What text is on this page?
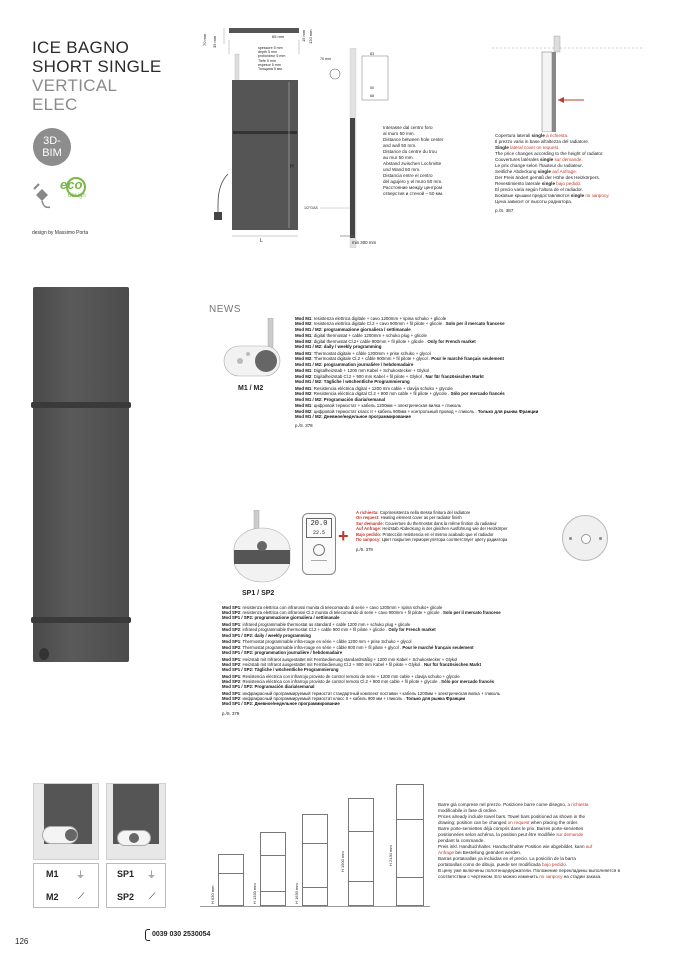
ICE BAGNO
SHORT SINGLE
VERTICAL
ELEC
3D-
BIM
eco
design
design by Massimo Porta
70 mm 35 mm	65 mm	15 mm 120 mm
spessore 5 mm
depth 5 mm
profondeur 5 mm
Tiefe 5 mm
espesor 5 mm
Толщина 5 мм
H
L
70 mm
83
50
68
1/2"GAS
min 300 mm
Interasse dal centro foro
al muro 50 mm.
Distance between hole center
and wall 50 mm.
Distance du centre du trou
au mur 50 mm.
Abstand zwischen Lochmitte
und Wand 50 mm.
Distancia entre el centro
del agujero y el muro 50 mm.
Расстояние между центром
отверстия и стеной – 50 мм.
Copertura laterali single a richiesta.
Il prezzo varia in base all'altezza del radiatore.
Single lateral cover on request.
The price changes according to the height of radiator.
Couvertures latérales single sur demande.
Le prix change selon l'hauteur du radiateur.
Seitliche Abdeckung single auf Anfrage.
Der Preis ändert gemäß der Höhe des Heizkörpers.
Revestimiento laterale single bajo pedido.
El precio varia según l'altura de el radiador.
Боковые крышки предоставляются single по запросу.
Цена зависит от высоты радиатора.
p./S. 387
NEWS
M1 / M2

Mod M1: resistenza elettrica digitale + cavo 1200mm + spina schuko + glicole

Mod M2: resistenza elettrica digitale Cl.2 + cavo 900mm + fil pilote + glicole . Solo per il mercato francese

Mod M1 / M2: programmazione giornaliera / settimanale

Mod M1: digital thermostat + cable 1200mm + schuko plug + glicole

Mod M2: digital thermostat Cl.2+ cable 900mm + fil pilote + glicole . Only for French market

Mod M1 / M2: daily / weekly programming

Mod M1: Thermostat digitale + câble 1200mm + prise schuko + glycol

Mod M2: Thermostat digitale Cl.2 + câble 900mm + fil pilote + glycol . Pour le marché français seulement

Mod M1 / M2: programmation journalière / hebdomadaire

Mod M1: Digitalheizstab + 1200 mm Kabel + Schukostecker + Glykol

Mod M2: Digitalheizstab Cl.2 + 900 mm Kabel + fil pilote + Glykol . Nur für französischen Markt

Mod M1 / M2: Tägliche / wöchentliche Programmierung

Mod M1: Resistencia eléctrica digital + 1200 mm cable + clavija schuko + glycole

Mod M2: Resistencia eléctrica digital Cl.2 + 900 mm cable + fil pilote + glycole . Sólo por mercado francés

Mod M1 / M2: Programación diaria/semanal

Mod M1: цифровой термостат + кабель 1200мм + электрическая вилка + гликоль

Mod M2: цифровой термостат класс II + кабель 900мм + контрольный провод + гликоль . Только для рынка Франции

Mod M1 / M2: Дневное/недельное программирование

p./S. 378
20.0
22.5
SP1 / SP2
+
A richiesta: Copriresistenza nella stessa finitura del radiatore
On request: Heating element cover as per radiator finish
Sur demande: Couverture du thermostat dans la même finition du radiateur
Auf Anfrage: Heizstab Abdeckung in der gleichen Ausführung wie der Heizkörper
Bajo pedido: Protección resistencia en el mismo acabado que el radiador
По запросу: Цвет покрытия терморегулятора соответствует цвету радиатора
p./S. 379

Mod SP1: resistenza elettrica con infrarossi munita di telecomando di serie + cavo 1200mm + spina schuko+ glicole

Mod SP2: resistenza elettrica con infrarossi Cl.2 munita di telecomando di serie + cavo 900mm + fil pilote + glicole . Solo per il mercato francese

Mod SP1 / SP2: programmazione giornaliera / settimanale

Mod SP1: infrared programmable thermostat as standard + cable 1200 mm + schuko plug + glicole

Mod SP2: infrared programmable thermostat Cl.2 + cable 900 mm + fil pilote + glicole . Only for French market

Mod SP1 / SP2: daily / weekly programming

Mod SP1: Thermostat programmable infra-rouge en série + câble 1200 mm + prise Schuko + glycol

Mod SP2: Thermostat programmable infra-rouge en série + câble 900 mm + fil pilote + glycol . Pour le marché français seulement

Mod SP1 / SP2: programmation journalière / hebdomadaire

Mod SP1: Heizstab mit Infrarot ausgestattet mit Fernbedienung standardmäßig + 1200 mm Kabel + Schukostecker + Glykol

Mod SP2: Heizstab mit Infrarot ausgestattet mit Fernbedienung Cl.2 + 900 mm Kabel + fil pilote + Glykol . Nur für französischen Markt

Mod SP1 / SP2: Tägliche / wöchentliche Programmierung

Mod SP1: Resistencia eléctrica con infrarrojo provisto de control remoto de serie + 1200 mm cable + clavija schuko + glycole

Mod SP2: Resistencia eléctrica con infrarrojo provisto de control remoto Cl.2 + 900 mm cable + fil pilote + glycole . Sólo por mercado francés

Mod SP1 / SP2: Programación diaria/semanal

Mod SP1: инфракрасный программируемый термостат стандартный комплект поставки + кабель 1200мм + электрическая вилка + гликоль

Mod SP2: инфракрасный программируемый термостат класс II + кабель 900 мм + гликоль . Только для рынка Франции

Mod SP1 / SP2: Дневное/недельное программирование

p./S. 379
M1 ⏚
M2 ⟋
SP1 ⏚
SP2 ⟋	H 930 mm	H 1330 mm	H 1630 mm
H 1900 mm	H 2130 mm
Barre già comprese nel prezzo. Posizione barre come disegno, a richiesta
modificabile in fase di ordine.
Prices already include towel bars. Towel bars positioned as shown in the
drawing; position can be changed on request when placing the order.
Barre porte-serviettes déjà compris dans le prix. Barres porte-serviettes
positionnées selon achéma, la position peut être modifiée sur demande
pendant la commande.
Preis inkl. Handtuchhalter. Handtuchhalter Position wie abgebildet, kann auf
Anfrage bei Bestellung geändert werden.
Barras portatoallas ya incluidas en el precio. La posición de la barra
portatoallas como de dibujo, puede ser modificada bajo pedido.
В цену уже включены полотенцедержатели. Положение перекладины выполняется в
соответствии с чертежом. Его можно изменить по запросу на стадии заказа.
126
0039 030 2530054
